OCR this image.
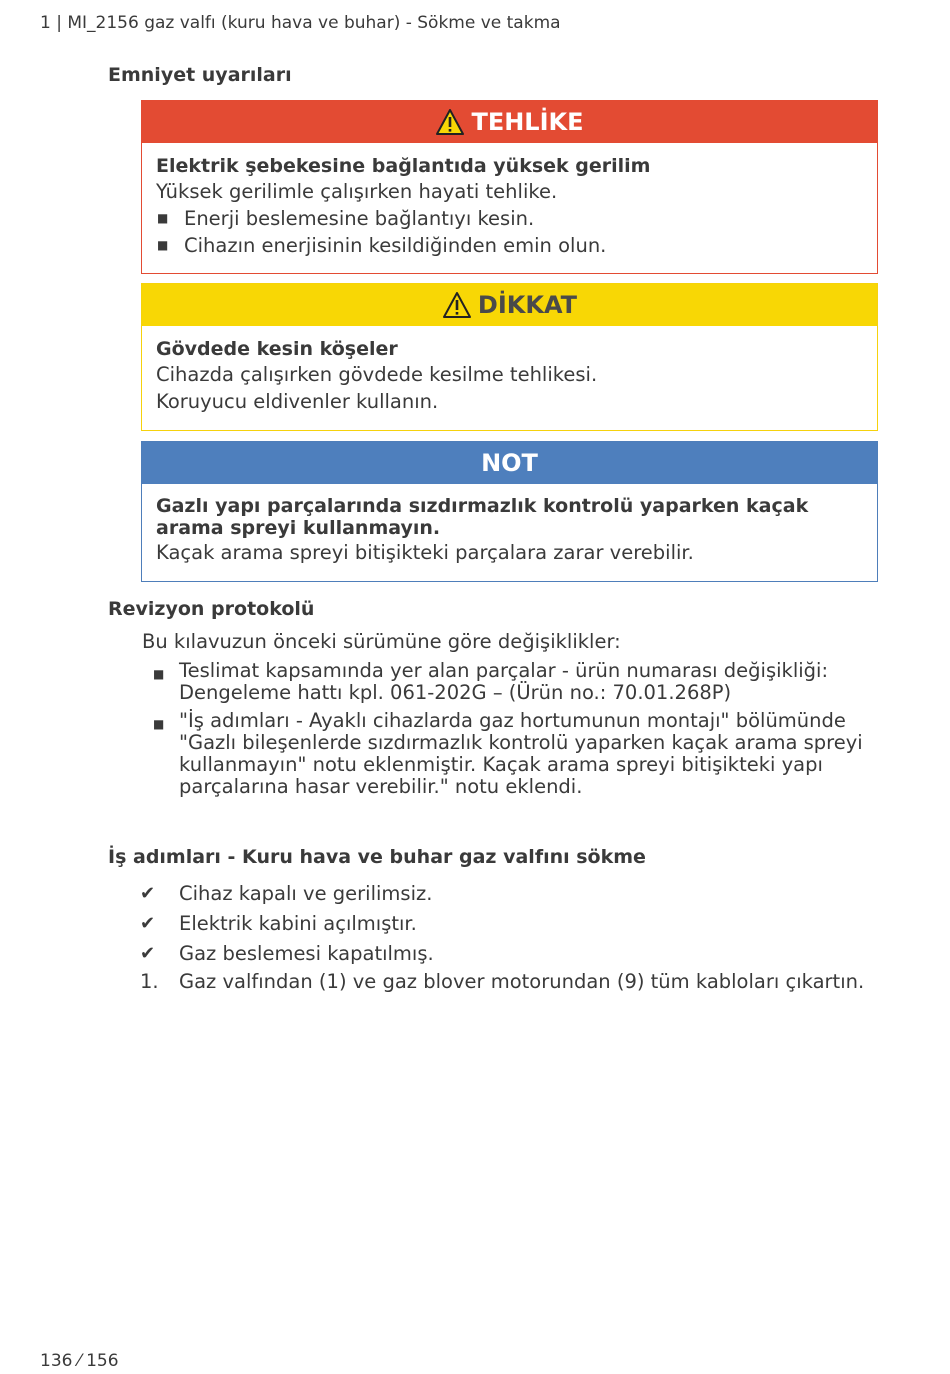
1 | MI_2156 gaz valfı (kuru hava ve buhar) - Sökme ve takma
Emniyet uyarıları
TEHLİKE
Elektrik şebekesine bağlantıda yüksek gerilim
Yüksek gerilimle çalışırken hayati tehlike.
■ Enerji beslemesine bağlantıyı kesin.
■ Cihazın enerjisinin kesildiğinden emin olun.
DİKKAT
Gövdede kesin köşeler
Cihazda çalışırken gövdede kesilme tehlikesi.
Koruyucu eldivenler kullanın.
NOT
Gazlı yapı parçalarında sızdırmazlık kontrolü yaparken kaçak arama spreyi kullanmayın.
Kaçak arama spreyi bitişikteki parçalara zarar verebilir.
Revizyon protokolü
Bu kılavuzun önceki sürümüne göre değişiklikler:
■ Teslimat kapsamında yer alan parçalar - ürün numarası değişikliği: Dengeleme hattı kpl. 061-202G – (Ürün no.: 70.01.268P)
■ "İş adımları - Ayaklı cihazlarda gaz hortumunun montajı" bölümünde "Gazlı bileşenlerde sızdırmazlık kontrolü yaparken kaçak arama spreyi kullanmayın" notu eklenmiştir. Kaçak arama spreyi bitişikteki yapı parçalarına hasar verebilir." notu eklendi.
İş adımları - Kuru hava ve buhar gaz valfını sökme
✔	Cihaz kapalı ve gerilimsiz.
✔	Elektrik kabini açılmıştır.
✔	Gaz beslemesi kapatılmış.
1.	Gaz valfından (1) ve gaz blover motorundan (9) tüm kabloları çıkartın.
136 ⁄ 156
